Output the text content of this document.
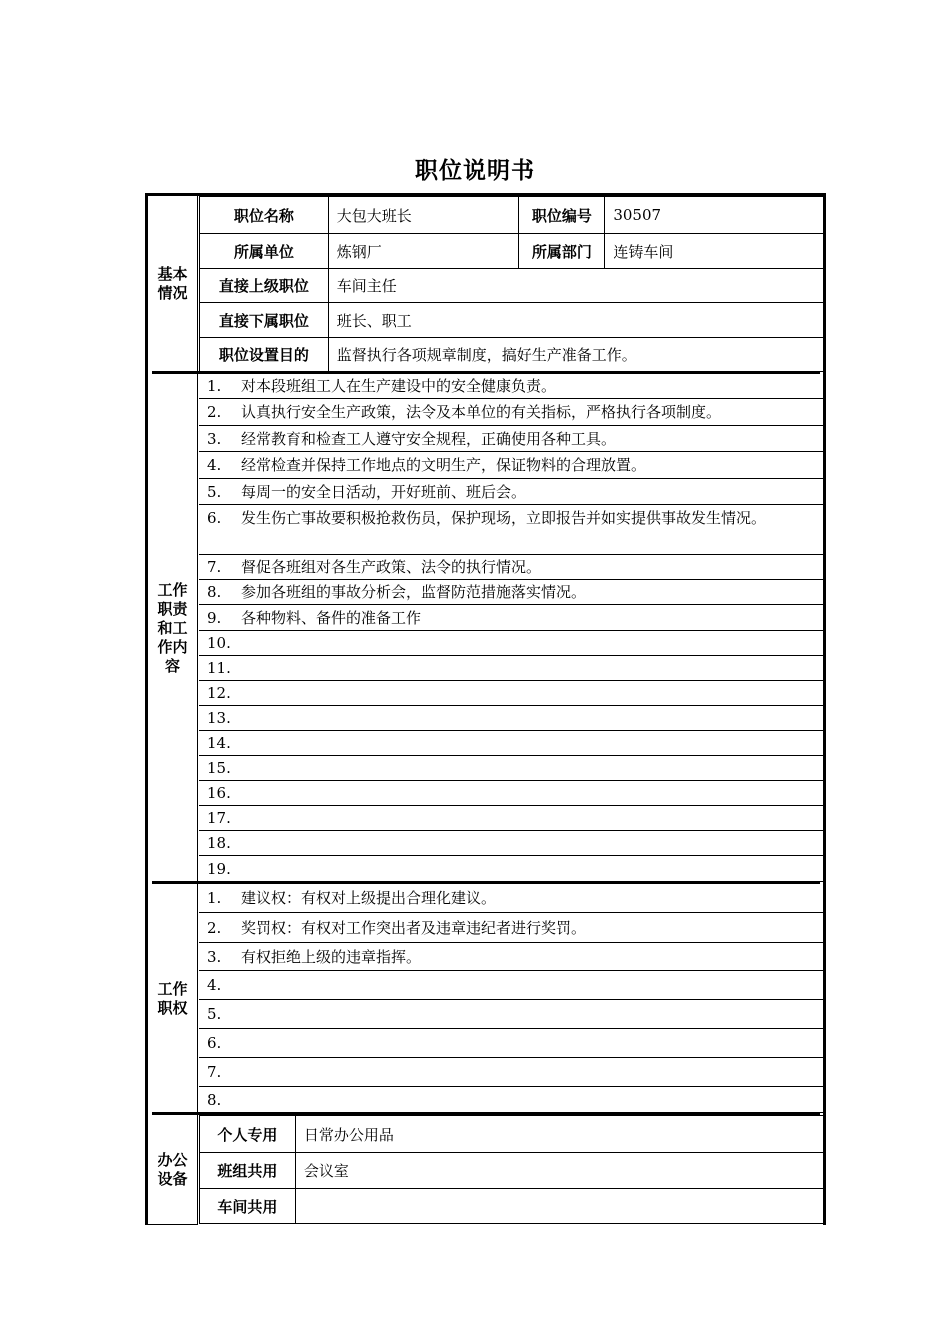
职位说明书
基本情况
职位名称	大包大班长	职位编号	30507
所属单位	炼钢厂	所属部门	连铸车间
直接上级职位	车间主任		
直接下属职位	班长、职工		
职位设置目的	监督执行各项规章制度，搞好生产准备工作。		
工作职责和工作内容
1.	对本段班组工人在生产建设中的安全健康负责。
2.	认真执行安全生产政策，法令及本单位的有关指标，严格执行各项制度。
3.	经常教育和检查工人遵守安全规程，正确使用各种工具。
4.	经常检查并保持工作地点的文明生产，保证物料的合理放置。
5.	每周一的安全日活动，开好班前、班后会。
6. 发生伤亡事故要积极抢救伤员，保护现场，立即报告并如实提供事故发生情况。
7.	督促各班组对各生产政策、法令的执行情况。
8.	参加各班组的事故分析会，监督防范措施落实情况。
9.	各种物料、备件的准备工作
10.
11.
12.
13.
14.
15.
16.
17.
18.
19.
工作职权
1.	建议权：有权对上级提出合理化建议。
2.	奖罚权：有权对工作突出者及违章违纪者进行奖罚。
3.	有权拒绝上级的违章指挥。
4.
5.
6.
7.
8.
办公设备
个人专用	日常办公用品
班组共用	会议室
车间共用	
